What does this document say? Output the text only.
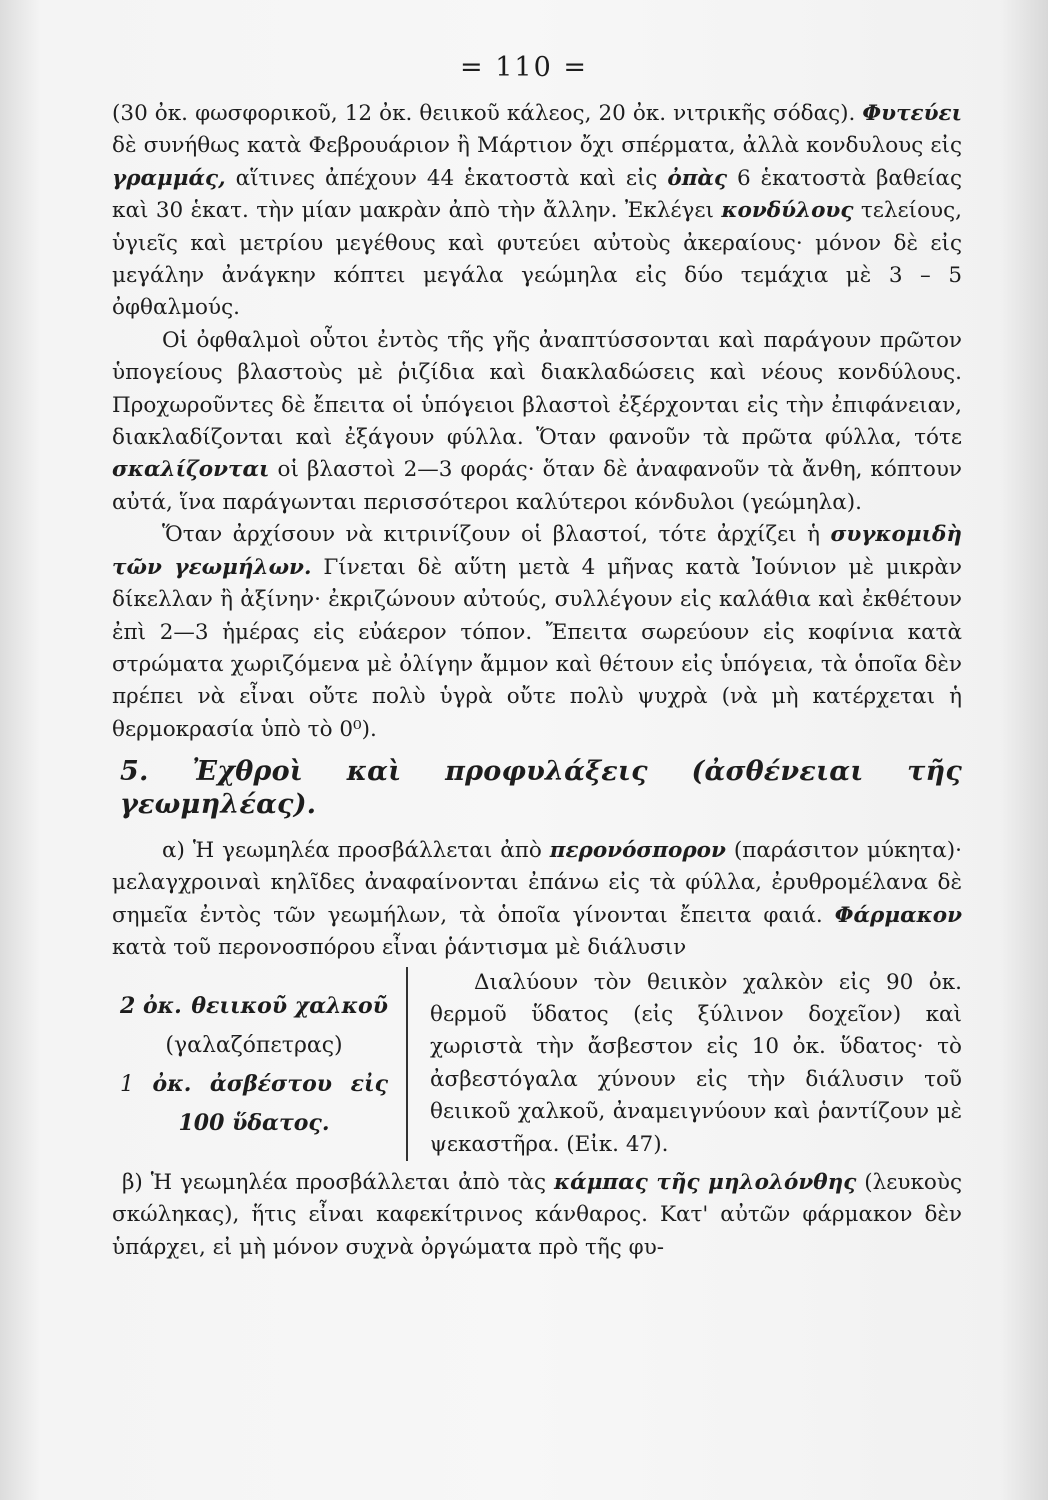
= 110 =

(30 ὀκ. φωσφορικοῦ, 12 ὀκ. θειικοῦ κάλεος, 20 ὀκ. νιτρικῆς σόδας). Φυτεύει δὲ συνήθως κατὰ Φεβρουάριον ἢ Μάρτιον ὄχι σπέρματα, ἀλλὰ κονδυλους εἰς γραμμάς, αἵτινες ἀπέχουν 44 ἑκατοστὰ καὶ εἰς ὀπὰς 6 ἑκατοστὰ βαθείας καὶ 30 ἑκατ. τὴν μίαν μακρὰν ἀπὸ τὴν ἄλλην. Ἐκλέγει κονδύλους τελείους, ὑγιεῖς καὶ μετρίου μεγέθους καὶ φυτεύει αὐτοὺς ἀκεραίους· μόνον δὲ εἰς μεγάλην ἀνάγκην κόπτει μεγάλα γεώμηλα εἰς δύο τεμάχια μὲ 3 – 5 ὀφθαλμούς.

Οἱ ὀφθαλμοὶ οὗτοι ἐντὸς τῆς γῆς ἀναπτύσσονται καὶ παράγουν πρῶτον ὑπογείους βλαστοὺς μὲ ῥιζίδια καὶ διακλαδώσεις καὶ νέους κονδύλους. Προχωροῦντες δὲ ἔπειτα οἱ ὑπόγειοι βλαστοὶ ἐξέρχονται εἰς τὴν ἐπιφάνειαν, διακλαδίζονται καὶ ἐξάγουν φύλλα. Ὅταν φανοῦν τὰ πρῶτα φύλλα, τότε σκαλίζονται οἱ βλαστοὶ 2—3 φοράς· ὅταν δὲ ἀναφανοῦν τὰ ἄνθη, κόπτουν αὐτά, ἵνα παράγωνται περισσότεροι καλύτεροι κόνδυλοι (γεώμηλα).

Ὅταν ἀρχίσουν νὰ κιτρινίζουν οἱ βλαστοί, τότε ἀρχίζει ἡ συγκομιδὴ τῶν γεωμήλων. Γίνεται δὲ αὕτη μετὰ 4 μῆνας κατὰ Ἰούνιον μὲ μικρὰν δίκελλαν ἢ ἀξίνην· ἐκριζώνουν αὐτούς, συλλέγουν εἰς καλάθια καὶ ἐκθέτουν ἐπὶ 2—3 ἡμέρας εἰς εὐάερον τόπον. Ἔπειτα σωρεύουν εἰς κοφίνια κατὰ στρώματα χωριζόμενα μὲ ὀλίγην ἄμμον καὶ θέτουν εἰς ὑπόγεια, τὰ ὁποῖα δὲν πρέπει νὰ εἶναι οὔτε πολὺ ὑγρὰ οὔτε πολὺ ψυχρὰ (νὰ μὴ κατέρχεται ἡ θερμοκρασία ὑπὸ τὸ 0⁰).

5. Ἐχθροὶ καὶ προφυλάξεις (ἀσθένειαι τῆς γεωμηλέας).

α) Ἡ γεωμηλέα προσβάλλεται ἀπὸ περονόσπορον (παράσιτον μύκητα)· μελαγχροιναὶ κηλῖδες ἀναφαίνονται ἐπάνω εἰς τὰ φύλλα, ἐρυθρομέλανα δὲ σημεῖα ἐντὸς τῶν γεωμήλων, τὰ ὁποῖα γίνονται ἔπειτα φαιά. Φάρμακον κατὰ τοῦ περονοσπόρου εἶναι ῥάντισμα μὲ διάλυσιν

2 ὀκ. θειικοῦ χαλκοῦ
(γαλαζόπετρας)
1 ὀκ. ἀσβέστου εἰς
100 ὕδατος.

Διαλύουν τὸν θειικὸν χαλκὸν εἰς 90 ὀκ. θερμοῦ ὕδατος (εἰς ξύλινον δοχεῖον) καὶ χωριστὰ τὴν ἄσβεστον εἰς 10 ὀκ. ὕδατος· τὸ ἀσβεστόγαλα χύνουν εἰς τὴν διάλυσιν τοῦ θειικοῦ χαλκοῦ, ἀναμειγνύουν καὶ ῥαντίζουν μὲ ψεκαστῆρα. (Εἰκ. 47).

β) Ἡ γεωμηλέα προσβάλλεται ἀπὸ τὰς κάμπας τῆς μηλολόνθης (λευκοὺς σκώληκας), ἥτις εἶναι καφεκίτρινος κάνθαρος. Κατ' αὐτῶν φάρμακον δὲν ὑπάρχει, εἰ μὴ μόνον συχνὰ ὀργώματα πρὸ τῆς φυ-
